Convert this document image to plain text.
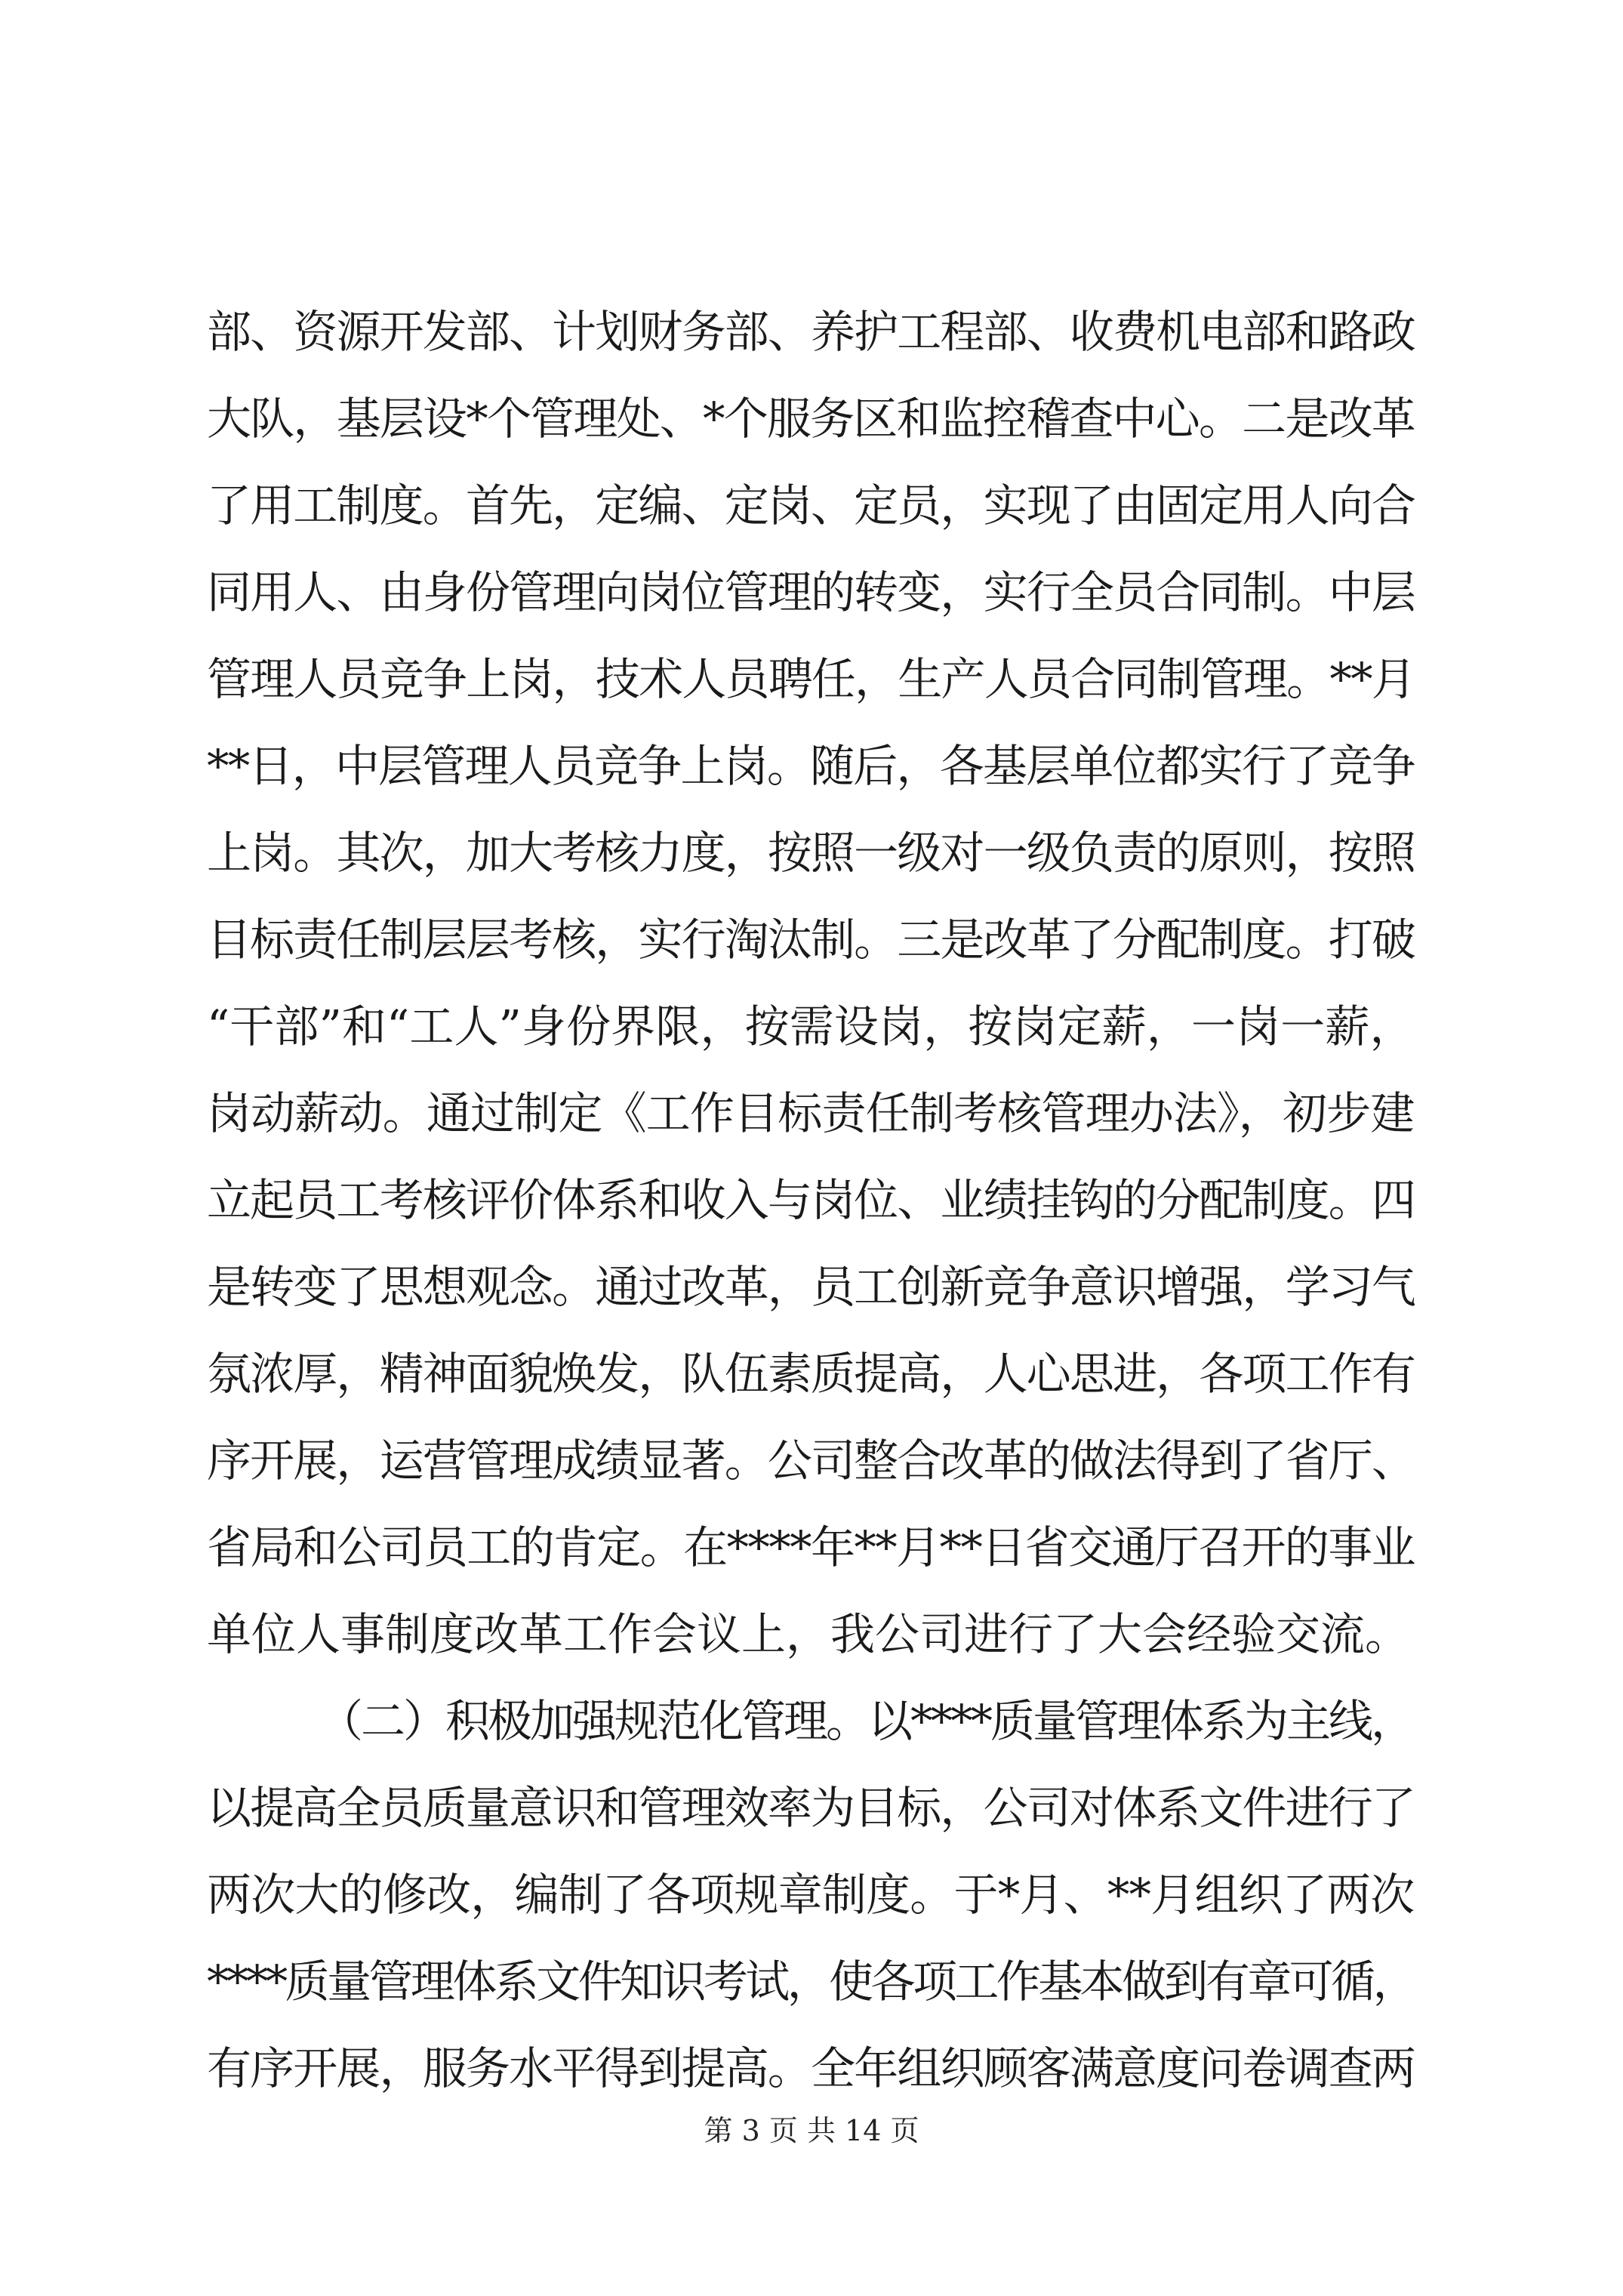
部、资源开发部、计划财务部、养护工程部、收费机电部和路政
大队，基层设*个管理处、*个服务区和监控稽查中心。二是改革
了用工制度。首先，定编、定岗、定员，实现了由固定用人向合
同用人、由身份管理向岗位管理的转变，实行全员合同制。中层
管理人员竞争上岗，技术人员聘任，生产人员合同制管理。**月
**日，中层管理人员竞争上岗。随后，各基层单位都实行了竞争
上岗。其次，加大考核力度，按照一级对一级负责的原则，按照
目标责任制层层考核，实行淘汰制。三是改革了分配制度。打破
“干部”和“工人”身份界限，按需设岗，按岗定薪，一岗一薪，
岗动薪动。通过制定《工作目标责任制考核管理办法》，初步建
立起员工考核评价体系和收入与岗位、业绩挂钩的分配制度。四
是转变了思想观念。通过改革，员工创新竞争意识增强，学习气
氛浓厚，精神面貌焕发，队伍素质提高，人心思进，各项工作有
序开展，运营管理成绩显著。公司整合改革的做法得到了省厅、
省局和公司员工的肯定。在****年**月**日省交通厅召开的事业
单位人事制度改革工作会议上，我公司进行了大会经验交流。
（二）积极加强规范化管理。以****质量管理体系为主线，
以提高全员质量意识和管理效率为目标，公司对体系文件进行了
两次大的修改，编制了各项规章制度。于*月、**月组织了两次
****质量管理体系文件知识考试，使各项工作基本做到有章可循，
有序开展，服务水平得到提高。全年组织顾客满意度问卷调查两
第 3 页 共 14 页
